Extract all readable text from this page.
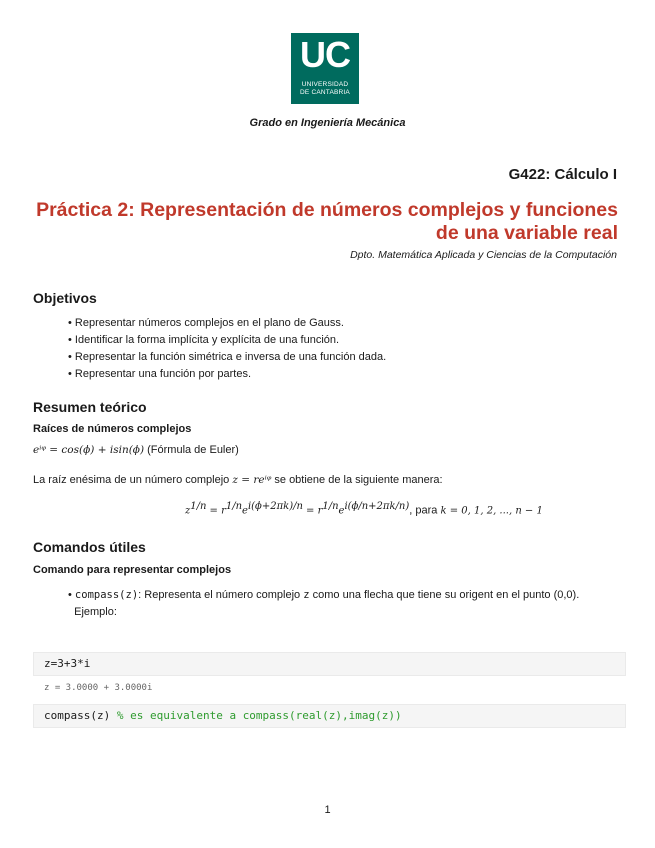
UC
UNIVERSIDAD
DE CANTABRIA
Grado en Ingeniería Mecánica
G422: Cálculo I
Práctica 2: Representación de números complejos y funciones
de una variable real
Dpto. Matemática Aplicada y Ciencias de la Computación
Objetivos
• Representar números complejos en el plano de Gauss.
• Identificar la forma implícita y explícita de una función.
• Representar la función simétrica e inversa de una función dada.
• Representar una función por partes.
Resumen teórico
Raíces de números complejos
eⁱᵠ = cos(ϕ) + isin(ϕ) (Fórmula de Euler)
La raíz enésima de un número complejo z = reⁱᵠ se obtiene de la siguiente manera:
$z^{1/n} = r^{1/n}e^{i(\phi+2\pi k)/n} = r^{1/n}e^{i(\phi/n+2\pi k/n)}$, para k = 0, 1, 2, ..., n − 1
Comandos útiles
Comando para representar complejos
• compass(z): Representa el número complejo z como una flecha que tiene su origent en el punto (0,0).
Ejemplo:
z=3+3*i
z = 3.0000 + 3.0000i
compass(z) % es equivalente a compass(real(z),imag(z))
1
